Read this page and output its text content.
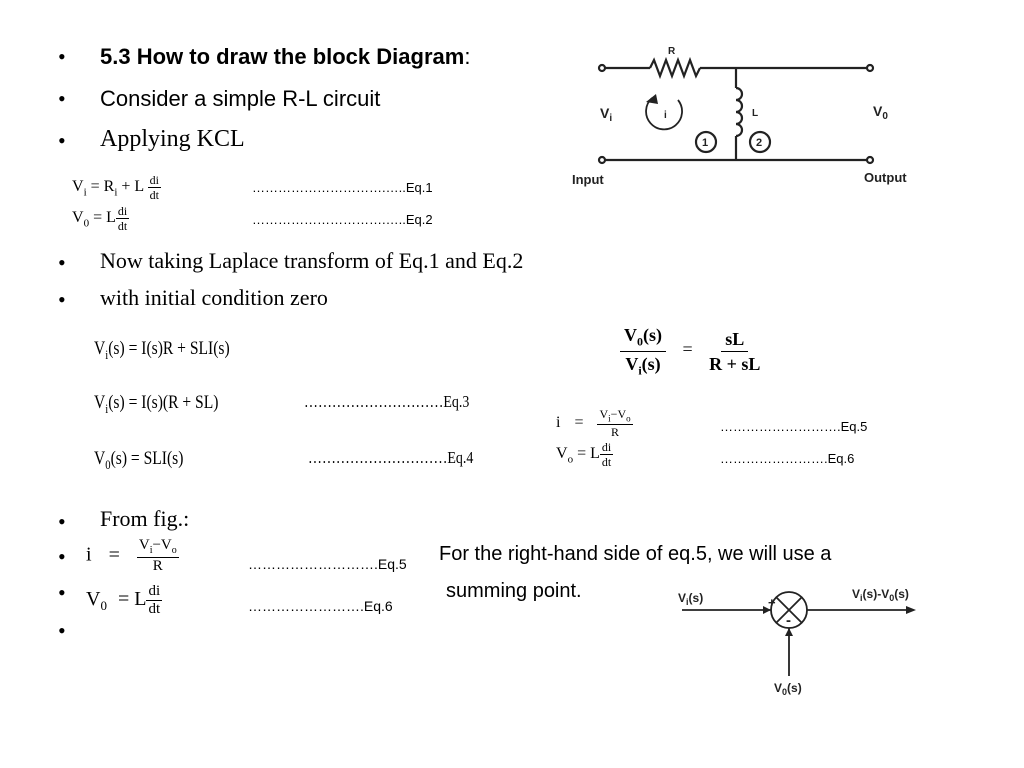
• 5.3 How to draw the block Diagram:
• Consider a simple R-L circuit
• Applying KCL
$V_i = R_i + L \frac{di}{dt}$	………………………….…..Eq.1
$V_0 = L \frac{di}{dt}$	………………………….…..Eq.2
• Now taking Laplace transform of Eq.1 and Eq.2
• with initial condition zero
$V_i(s) = I(s)R + SLI(s)$
$V_i(s) = I(s)(R + SL)$	…………………………Eq.3
$V_0(s) = SLI(s)$	…………………………Eq.4
$\frac{V_0(s)}{V_i(s)} = \frac{sL}{R + sL}$
$i = \frac{V_i-V_o}{R}$	……………………….Eq.5
$V_o = L \frac{di}{dt}$	…………………….Eq.6
• From fig.:
• $i = \frac{V_i-V_o}{R}$	……………………….Eq.5
• $V_0 = L \frac{di}{dt}$	…………………….Eq.6
•
For the right-hand side of eq.5, we will use a
summing point.
R
$V_i$	i	L	$V_0$
1	2
Input	Output
$V_i(s)$	$V_i(s)-V_0(s)$
$V_0(s)$
+
-
